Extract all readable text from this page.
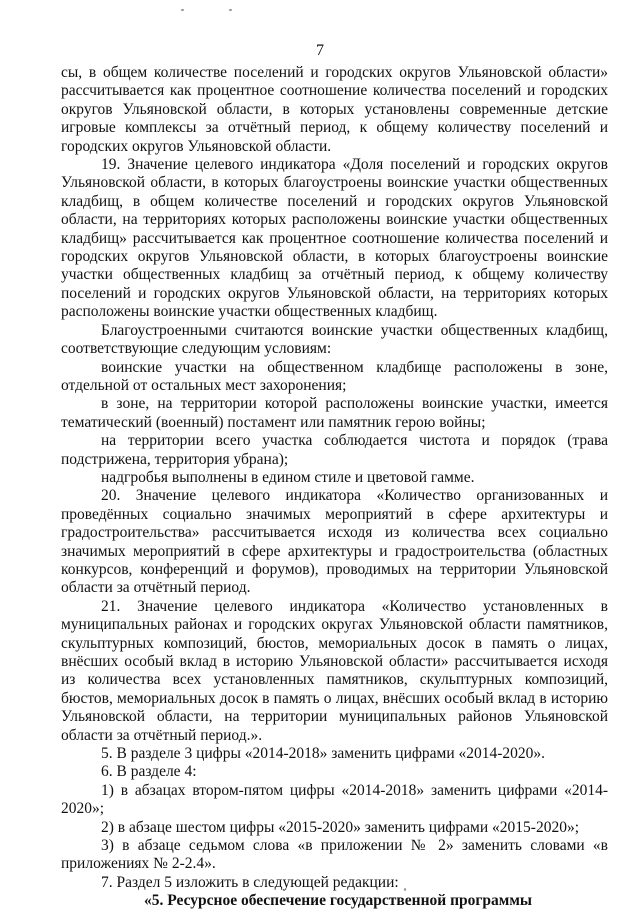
7

сы, в общем количестве поселений и городских округов Ульяновской области» рассчитывается как процентное соотношение количества поселений и городских округов Ульяновской области, в которых установлены современные детские игровые комплексы за отчётный период, к общему количеству поселений и городских округов Ульяновской области.

19. Значение целевого индикатора «Доля поселений и городских округов Ульяновской области, в которых благоустроены воинские участки общественных кладбищ, в общем количестве поселений и городских округов Ульяновской области, на территориях которых расположены воинские участки общественных кладбищ» рассчитывается как процентное соотношение количества поселений и городских округов Ульяновской области, в которых благоустроены воинские участки общественных кладбищ за отчётный период, к общему количеству поселений и городских округов Ульяновской области, на территориях которых расположены воинские участки общественных кладбищ.

Благоустроенными считаются воинские участки общественных кладбищ, соответствующие следующим условиям:

воинские участки на общественном кладбище расположены в зоне, отдельной от остальных мест захоронения;

в зоне, на территории которой расположены воинские участки, имеется тематический (военный) постамент или памятник герою войны;

на территории всего участка соблюдается чистота и порядок (трава подстрижена, территория убрана);

надгробья выполнены в едином стиле и цветовой гамме.

20. Значение целевого индикатора «Количество организованных и проведённых социально значимых мероприятий в сфере архитектуры и градостроительства» рассчитывается исходя из количества всех социально значимых мероприятий в сфере архитектуры и градостроительства (областных конкурсов, конференций и форумов), проводимых на территории Ульяновской области за отчётный период.

21. Значение целевого индикатора «Количество установленных в муниципальных районах и городских округах Ульяновской области памятников, скульптурных композиций, бюстов, мемориальных досок в память о лицах, внёсших особый вклад в историю Ульяновской области» рассчитывается исходя из количества всех установленных памятников, скульптурных композиций, бюстов, мемориальных досок в память о лицах, внёсших особый вклад в историю Ульяновской области, на территории муниципальных районов Ульяновской области за отчётный период.».

5. В разделе 3 цифры «2014-2018» заменить цифрами «2014-2020».

6. В разделе 4:

1) в абзацах втором-пятом цифры «2014-2018» заменить цифрами «2014-2020»;

2) в абзаце шестом цифры «2015-2020» заменить цифрами «2015-2020»;

3) в абзаце седьмом слова «в приложении № 2» заменить словами «в приложениях № 2-2.4».

7. Раздел 5 изложить в следующей редакции:

«5. Ресурсное обеспечение государственной программы
